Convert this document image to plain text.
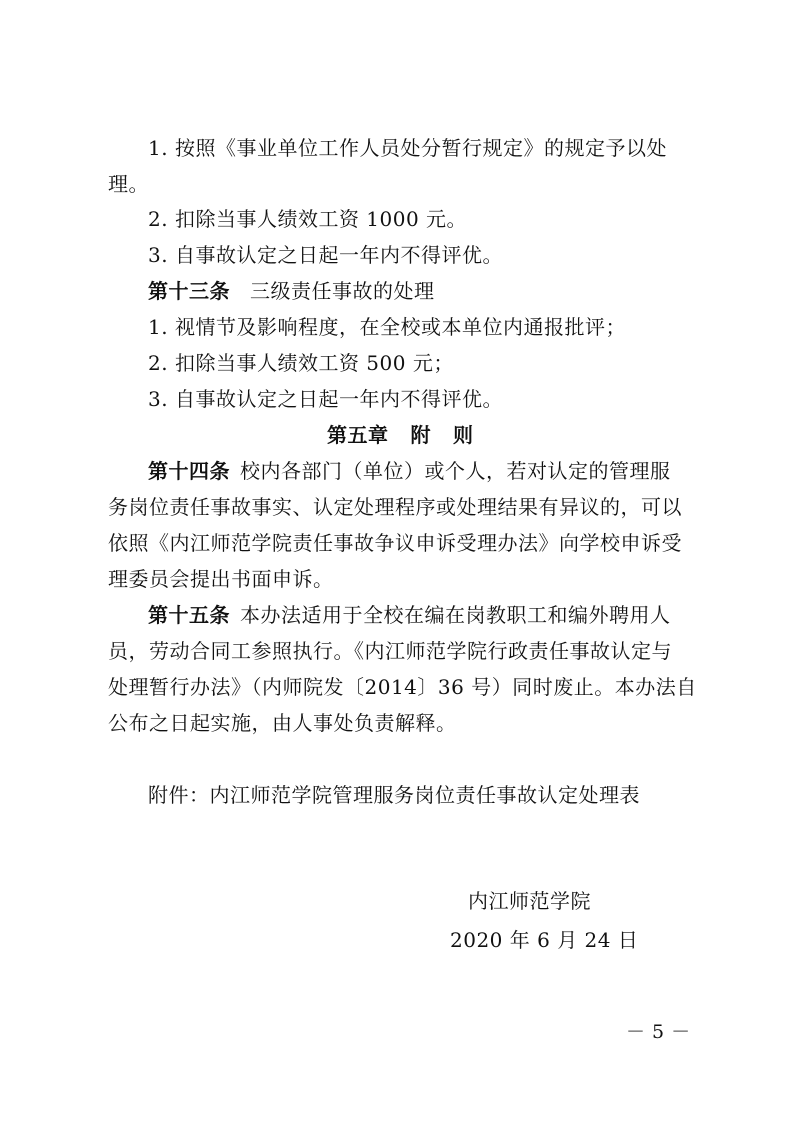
1. 按照《事业单位工作人员处分暂行规定》的规定予以处
理。
2. 扣除当事人绩效工资 1000 元。
3. 自事故认定之日起一年内不得评优。
第十三条 三级责任事故的处理
1. 视情节及影响程度，在全校或本单位内通报批评；
2. 扣除当事人绩效工资 500 元；
3. 自事故认定之日起一年内不得评优。
第五章 附 则
第十四条 校内各部门（单位）或个人，若对认定的管理服
务岗位责任事故事实、认定处理程序或处理结果有异议的，可以
依照《内江师范学院责任事故争议申诉受理办法》向学校申诉受
理委员会提出书面申诉。
第十五条 本办法适用于全校在编在岗教职工和编外聘用人
员，劳动合同工参照执行。《内江师范学院行政责任事故认定与
处理暂行办法》（内师院发〔2014〕36 号）同时废止。本办法自
公布之日起实施，由人事处负责解释。
附件：内江师范学院管理服务岗位责任事故认定处理表
内江师范学院
2020 年 6 月 24 日
－ 5 －
